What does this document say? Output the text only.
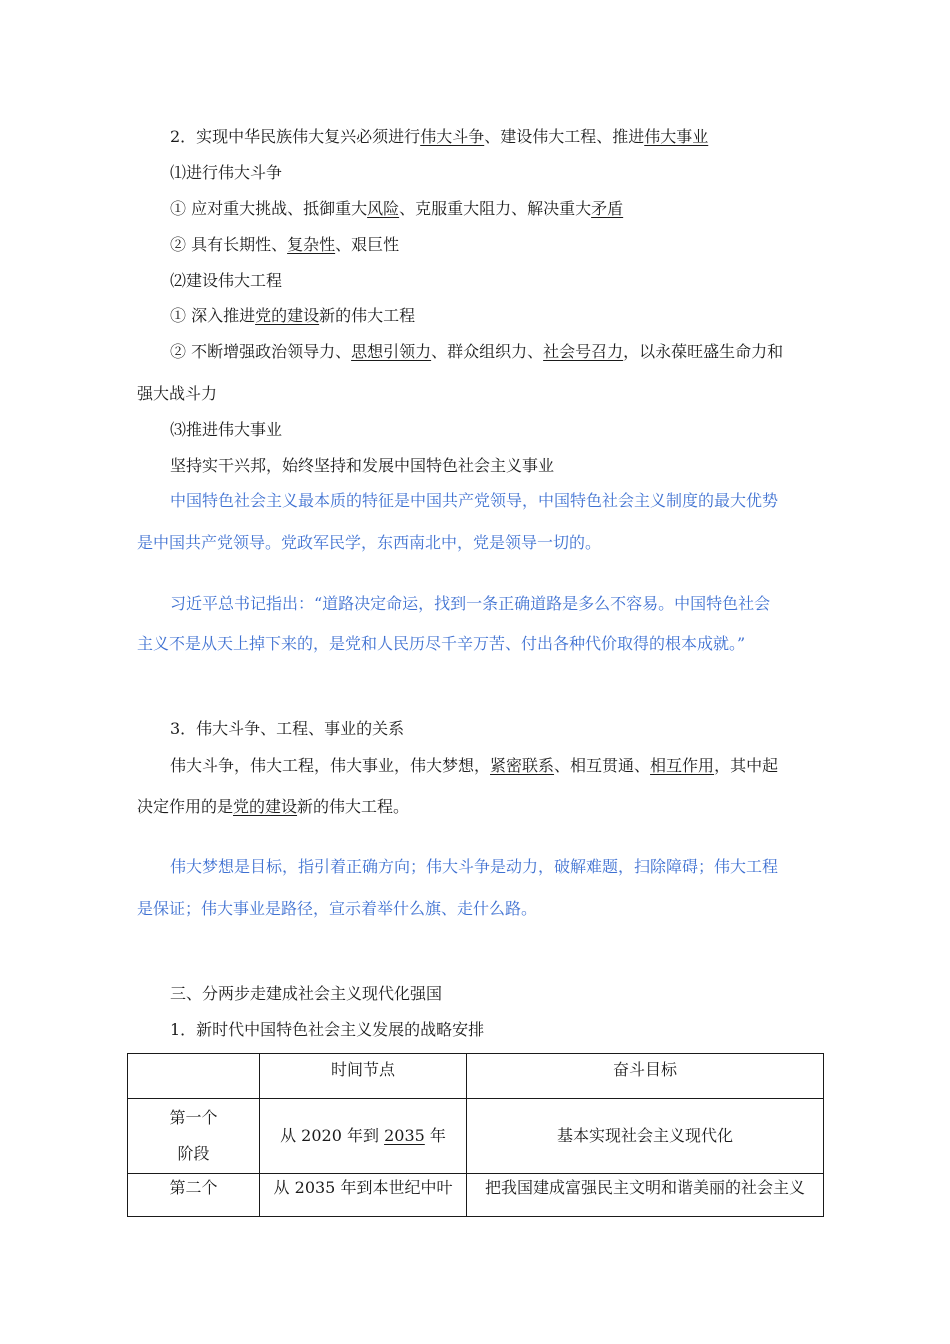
2．实现中华民族伟大复兴必须进行伟大斗争、建设伟大工程、推进伟大事业
⑴进行伟大斗争
① 应对重大挑战、抵御重大风险、克服重大阻力、解决重大矛盾
② 具有长期性、复杂性、艰巨性
⑵建设伟大工程
① 深入推进党的建设新的伟大工程
② 不断增强政治领导力、思想引领力、群众组织力、社会号召力，以永葆旺盛生命力和
强大战斗力
⑶推进伟大事业
坚持实干兴邦，始终坚持和发展中国特色社会主义事业
中国特色社会主义最本质的特征是中国共产党领导，中国特色社会主义制度的最大优势
是中国共产党领导。党政军民学，东西南北中，党是领导一切的。
习近平总书记指出：“道路决定命运，找到一条正确道路是多么不容易。中国特色社会
主义不是从天上掉下来的，是党和人民历尽千辛万苦、付出各种代价取得的根本成就。”
3．伟大斗争、工程、事业的关系
伟大斗争，伟大工程，伟大事业，伟大梦想，紧密联系、相互贯通、相互作用，其中起
决定作用的是党的建设新的伟大工程。
伟大梦想是目标，指引着正确方向；伟大斗争是动力，破解难题，扫除障碍；伟大工程
是保证；伟大事业是路径，宣示着举什么旗、走什么路。
三、分两步走建成社会主义现代化强国
1．新时代中国特色社会主义发展的战略安排
	时间节点	奋斗目标

第一个
阶段	从 2020 年到 2035 年	基本实现社会主义现代化
第二个	从 2035 年到本世纪中叶	把我国建成富强民主文明和谐美丽的社会主义
